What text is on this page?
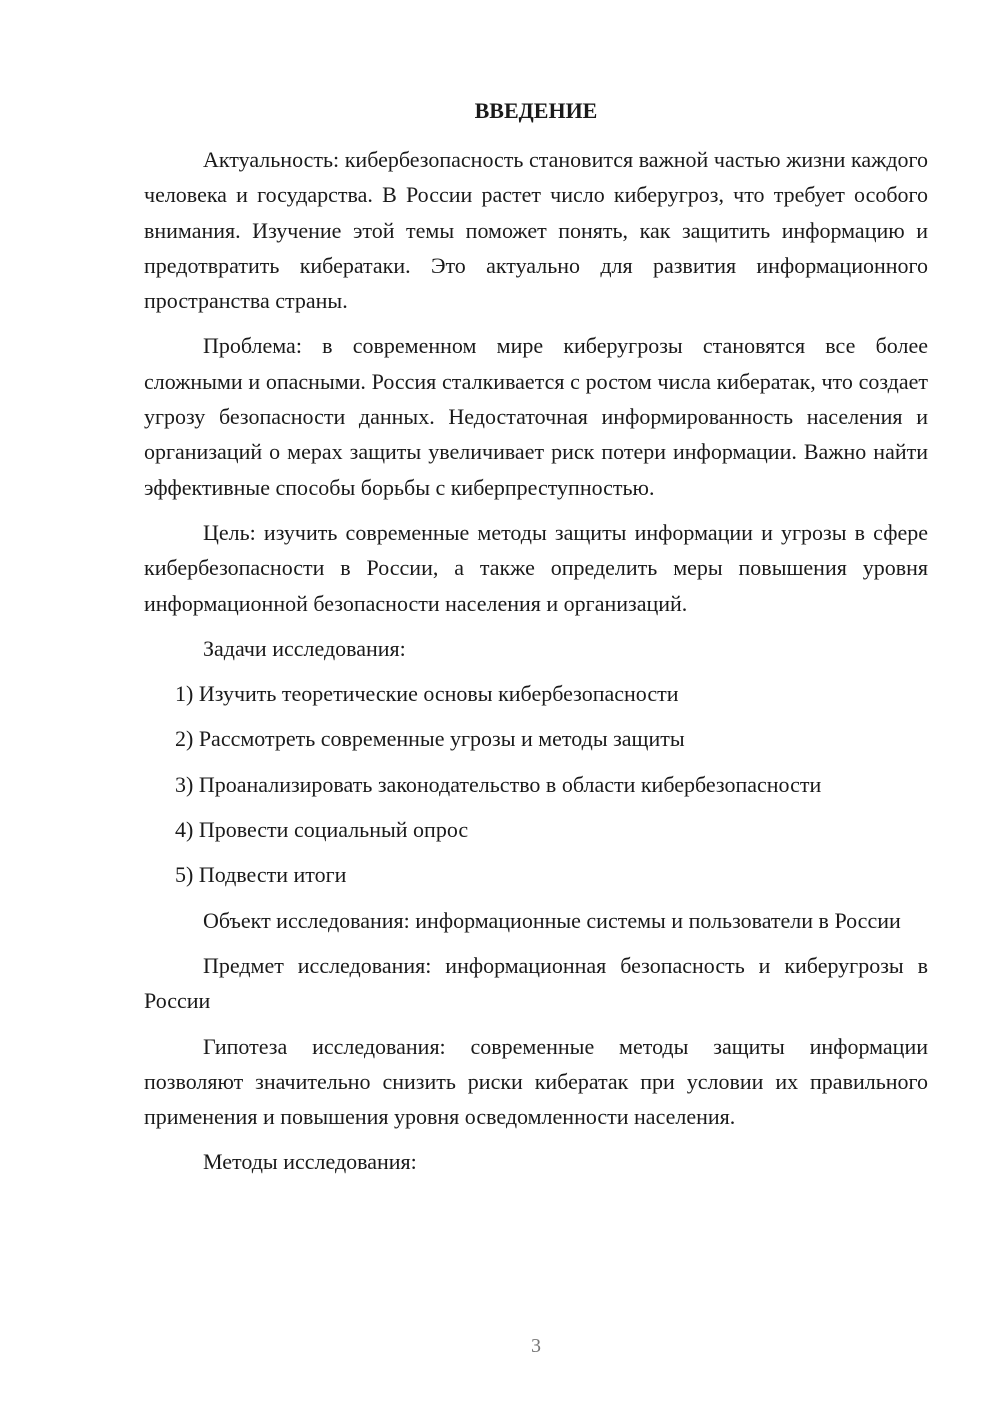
ВВЕДЕНИЕ

Актуальность: кибербезопасность становится важной частью жизни каждого человека и государства. В России растет число киберугроз, что требует особого внимания. Изучение этой темы поможет понять, как защитить информацию и предотвратить кибератаки. Это актуально для развития информационного пространства страны.

Проблема: в современном мире киберугрозы становятся все более сложными и опасными. Россия сталкивается с ростом числа кибератак, что создает угрозу безопасности данных. Недостаточная информированность населения и организаций о мерах защиты увеличивает риск потери информации. Важно найти эффективные способы борьбы с киберпреступностью.

Цель: изучить современные методы защиты информации и угрозы в сфере кибербезопасности в России, а также определить меры повышения уровня информационной безопасности населения и организаций.

Задачи исследования:

1) Изучить теоретические основы кибербезопасности
2) Рассмотреть современные угрозы и методы защиты
3) Проанализировать законодательство в области кибербезопасности
4) Провести социальный опрос
5) Подвести итоги

Объект исследования: информационные системы и пользователи в России

Предмет исследования: информационная безопасность и киберугрозы в России

Гипотеза исследования: современные методы защиты информации позволяют значительно снизить риски кибератак при условии их правильного применения и повышения уровня осведомленности населения.

Методы исследования:

3
